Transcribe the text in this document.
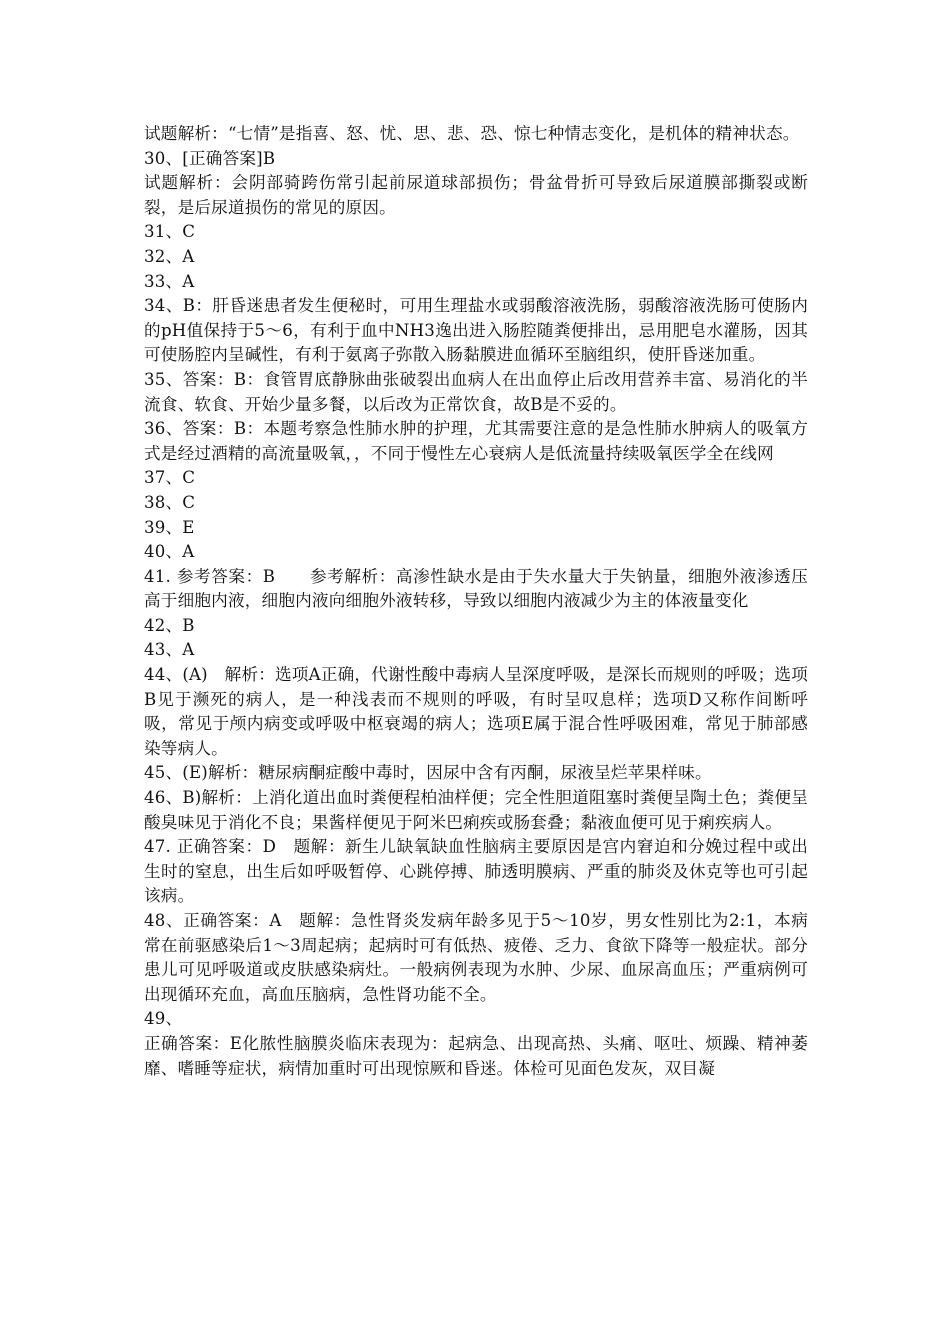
试题解析：“七情”是指喜、怒、忧、思、悲、恐、惊七种情志变化，是机体的精神状态。

30、[正确答案]B

试题解析：会阴部骑跨伤常引起前尿道球部损伤；骨盆骨折可导致后尿道膜部撕裂或断裂，是后尿道损伤的常见的原因。

31、C

32、A

33、A

34、B：肝昏迷患者发生便秘时，可用生理盐水或弱酸溶液洗肠，弱酸溶液洗肠可使肠内的pH值保持于5～6，有利于血中NH3逸出进入肠腔随粪便排出，忌用肥皂水灌肠，因其可使肠腔内呈碱性，有利于氨离子弥散入肠黏膜进血循环至脑组织，使肝昏迷加重。

35、答案：B：食管胃底静脉曲张破裂出血病人在出血停止后改用营养丰富、易消化的半流食、软食、开始少量多餐，以后改为正常饮食，故B是不妥的。

36、答案：B：本题考察急性肺水肿的护理，尤其需要注意的是急性肺水肿病人的吸氧方式是经过酒精的高流量吸氧，，不同于慢性左心衰病人是低流量持续吸氧医学全在线网

37、C

38、C

39、E

40、A

41. 参考答案：B　　参考解析：高渗性缺水是由于失水量大于失钠量，细胞外液渗透压高于细胞内液，细胞内液向细胞外液转移，导致以细胞内液减少为主的体液量变化

42、B

43、A

44、(A)　解析：选项A正确，代谢性酸中毒病人呈深度呼吸，是深长而规则的呼吸；选项B见于濒死的病人，是一种浅表而不规则的呼吸，有时呈叹息样；选项D又称作间断呼吸，常见于颅内病变或呼吸中枢衰竭的病人；选项E属于混合性呼吸困难，常见于肺部感染等病人。

45、(E)解析：糖尿病酮症酸中毒时，因尿中含有丙酮，尿液呈烂苹果样味。

46、B)解析：上消化道出血时粪便程柏油样便；完全性胆道阻塞时粪便呈陶土色；粪便呈酸臭味见于消化不良；果酱样便见于阿米巴痢疾或肠套叠；黏液血便可见于痢疾病人。

47. 正确答案：D　题解：新生儿缺氧缺血性脑病主要原因是宫内窘迫和分娩过程中或出生时的窒息，出生后如呼吸暂停、心跳停搏、肺透明膜病、严重的肺炎及休克等也可引起该病。

48、正确答案：A　题解：急性肾炎发病年龄多见于5～10岁，男女性别比为2:1，本病常在前驱感染后1～3周起病；起病时可有低热、疲倦、乏力、食欲下降等一般症状。部分患儿可见呼吸道或皮肤感染病灶。一般病例表现为水肿、少尿、血尿高血压；严重病例可出现循环充血，高血压脑病，急性肾功能不全。

49、

正确答案：E化脓性脑膜炎临床表现为：起病急、出现高热、头痛、呕吐、烦躁、精神萎靡、嗜睡等症状，病情加重时可出现惊厥和昏迷。体检可见面色发灰，双目凝
